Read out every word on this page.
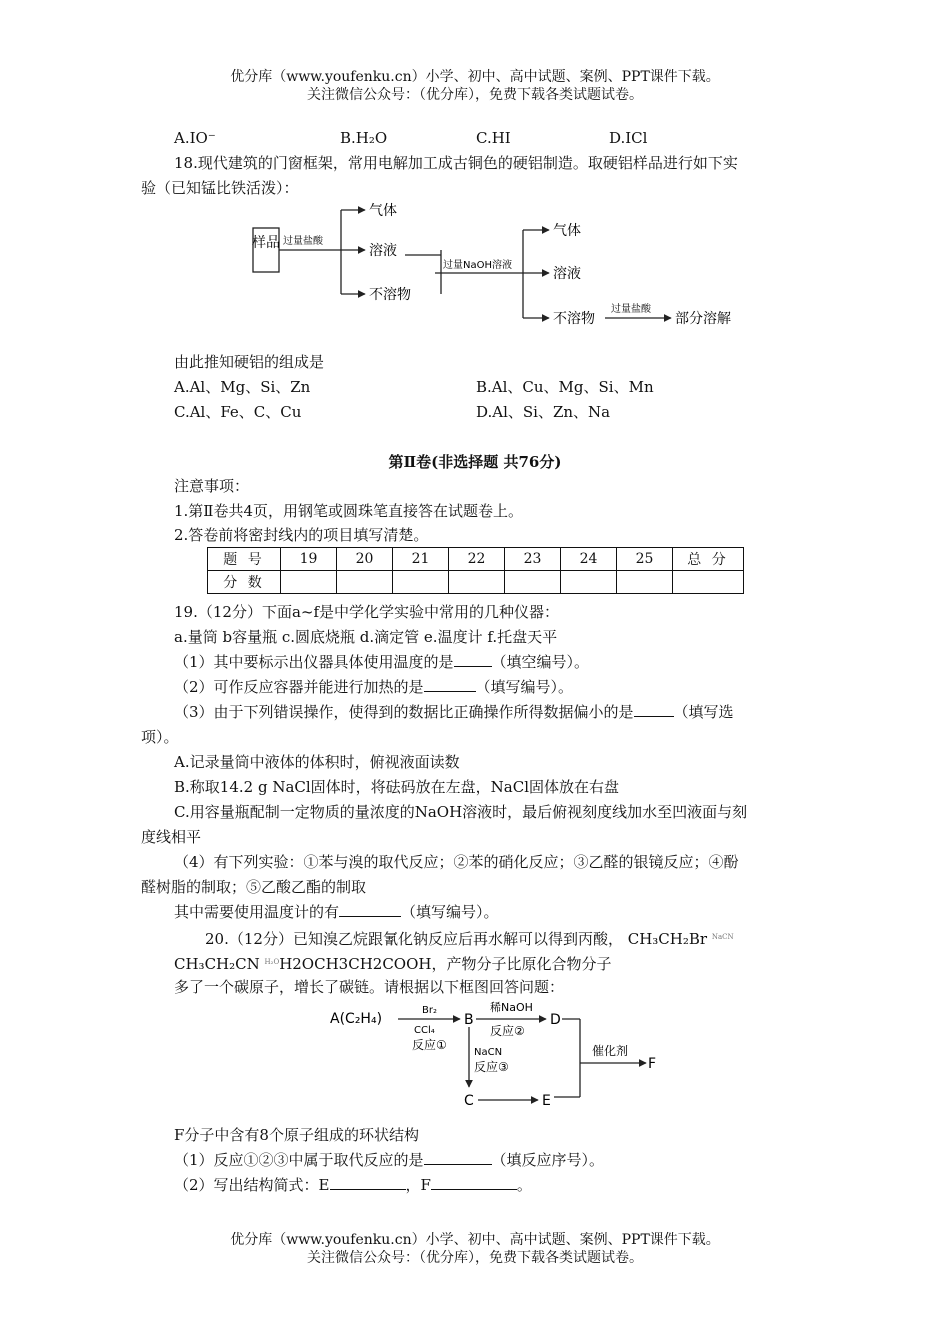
优分库（www.youfenku.cn）小学、初中、高中试题、案例、PPT课件下载。
关注微信公众号：（优分库），免费下载各类试题试卷。
A.IO⁻	B.H₂O	C.HI	D.ICl
18.现代建筑的门窗框架，常用电解加工成古铜色的硬铝制造。取硬铝样品进行如下实
验（已知锰比铁活泼）：
样品 过量盐酸
气体
溶液
不溶物
过量NaOH溶液
气体
溶液
不溶物
过量盐酸
部分溶解
由此推知硬铝的组成是
A.Al、Mg、Si、Zn	B.Al、Cu、Mg、Si、Mn
C.Al、Fe、C、Cu	D.Al、Si、Zn、Na
第Ⅱ卷(非选择题 共76分)
注意事项：
1.第Ⅱ卷共4页，用钢笔或圆珠笔直接答在试题卷上。
2.答卷前将密封线内的项目填写清楚。
题 号	19	20	21	22	23	24	25	总 分
分 数								
19.（12分）下面a~f是中学化学实验中常用的几种仪器：
a.量筒 b容量瓶 c.圆底烧瓶 d.滴定管 e.温度计 f.托盘天平
（1）其中要标示出仪器具体使用温度的是	（填空编号）。
（2）可作反应容器并能进行加热的是	（填写编号）。
（3）由于下列错误操作，使得到的数据比正确操作所得数据偏小的是	（填写选
项）。
A.记录量筒中液体的体积时，俯视液面读数
B.称取14.2 g NaCl固体时，将砝码放在左盘，NaCl固体放在右盘
C.用容量瓶配制一定物质的量浓度的NaOH溶液时，最后俯视刻度线加水至凹液面与刻
度线相平
（4）有下列实验：①苯与溴的取代反应；②苯的硝化反应；③乙醛的银镜反应；④酚
醛树脂的制取；⑤乙酸乙酯的制取
其中需要使用温度计的有	（填写编号）。
20.（12分）已知溴乙烷跟氰化钠反应后再水解可以得到丙酸， CH₃CH₂Br $^{NaCN}$
CH₃CH₂CN $^{H_2O}$H2OCH3CH2COOH，产物分子比原化合物分子
多了一个碳原子，增长了碳链。请根据以下框图回答问题：
A(C₂H₄)
Br₂
CCl₄
反应①
B
稀NaOH
反应②
D
催化剂
F
NaCN
反应③
C	E
F分子中含有8个原子组成的环状结构
（1）反应①②③中属于取代反应的是	（填反应序号）。
（2）写出结构简式：E	，F	。
优分库（www.youfenku.cn）小学、初中、高中试题、案例、PPT课件下载。
关注微信公众号：（优分库），免费下载各类试题试卷。
